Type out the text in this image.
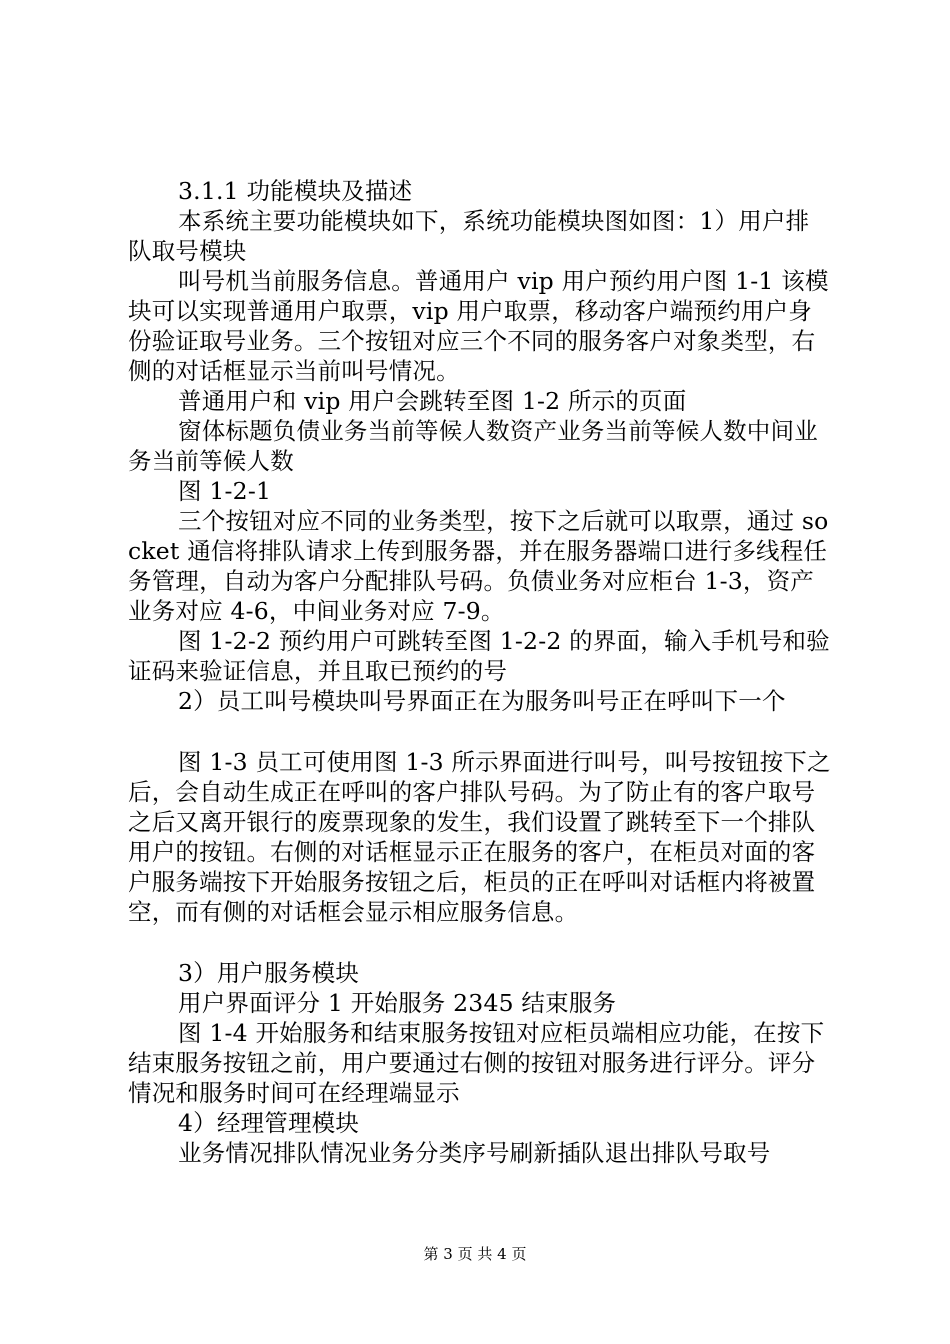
3.1.1 功能模块及描述

本系统主要功能模块如下，系统功能模块图如图：1）用户排队取号模块

叫号机当前服务信息。普通用户 vip 用户预约用户图 1-1 该模块可以实现普通用户取票，vip 用户取票，移动客户端预约用户身份验证取号业务。三个按钮对应三个不同的服务客户对象类型，右侧的对话框显示当前叫号情况。

普通用户和 vip 用户会跳转至图 1-2 所示的页面

窗体标题负债业务当前等候人数资产业务当前等候人数中间业务当前等候人数

图 1-2-1

三个按钮对应不同的业务类型，按下之后就可以取票，通过 socket 通信将排队请求上传到服务器，并在服务器端口进行多线程任务管理，自动为客户分配排队号码。负债业务对应柜台 1-3，资产业务对应 4-6，中间业务对应 7-9。

图 1-2-2 预约用户可跳转至图 1-2-2 的界面，输入手机号和验证码来验证信息，并且取已预约的号

2）员工叫号模块叫号界面正在为服务叫号正在呼叫下一个

图 1-3 员工可使用图 1-3 所示界面进行叫号，叫号按钮按下之后，会自动生成正在呼叫的客户排队号码。为了防止有的客户取号之后又离开银行的废票现象的发生，我们设置了跳转至下一个排队用户的按钮。右侧的对话框显示正在服务的客户，在柜员对面的客户服务端按下开始服务按钮之后，柜员的正在呼叫对话框内将被置空，而有侧的对话框会显示相应服务信息。

3）用户服务模块

用户界面评分 1 开始服务 2345 结束服务

图 1-4 开始服务和结束服务按钮对应柜员端相应功能，在按下结束服务按钮之前，用户要通过右侧的按钮对服务进行评分。评分情况和服务时间可在经理端显示

4）经理管理模块

业务情况排队情况业务分类序号刷新插队退出排队号取号

第 3 页 共 4 页
